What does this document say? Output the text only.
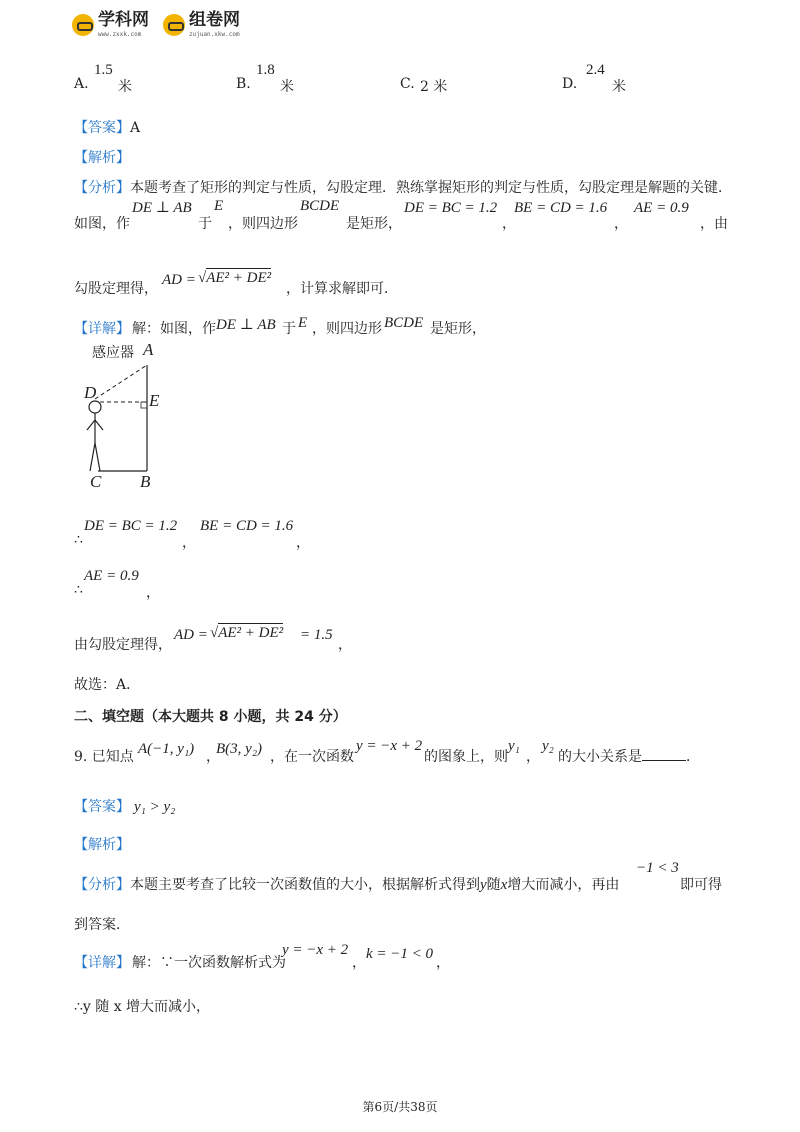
学科网
www.zxxk.com
组卷网
zujuan.xkw.com
A.
1.5
米	B.
1.8
米	C. 2 米	D.
2.4
米
【答案】A
【解析】
【分析】本题考查了矩形的判定与性质，勾股定理．熟练掌握矩形的判定与性质，勾股定理是解题的关键．
如图，作
DE ⊥ AB
于
E
，则四边形
BCDE
是矩形，
DE = BC = 1.2
，
BE = CD = 1.6
，
AE = 0.9
，由
勾股定理得，
AD = √AE² + DE²
，计算求解即可．
【详解】 解：如图，作 DE ⊥ AB 于 E ，则四边形 BCDE 是矩形，
感应器 A
D	E
C B
∴
DE = BC = 1.2
，
BE = CD = 1.6
，
∴
AE = 0.9
，
由勾股定理得，
AD = √AE² + DE² = 1.5
，
故选：A．
二、填空题（本大题共 8 小题，共 24 分）
9. 已知点 A(−1, y₁) ，
B(3, y₂) ，在一次函数
y = −x + 2
的图象上，则
y₁
，
y₂
的大小关系是	．
【答案】 y₁ > y₂
【解析】
【分析】本题主要考查了比较一次函数值的大小，根据解析式得到y随x增大而减小，再由
−1 < 3
即可得
到答案．
【详解】 解：∵一次函数解析式为
y = −x + 2
，
k = −1 < 0
，
∴y 随 x 增大而减小，
第6页/共38页
